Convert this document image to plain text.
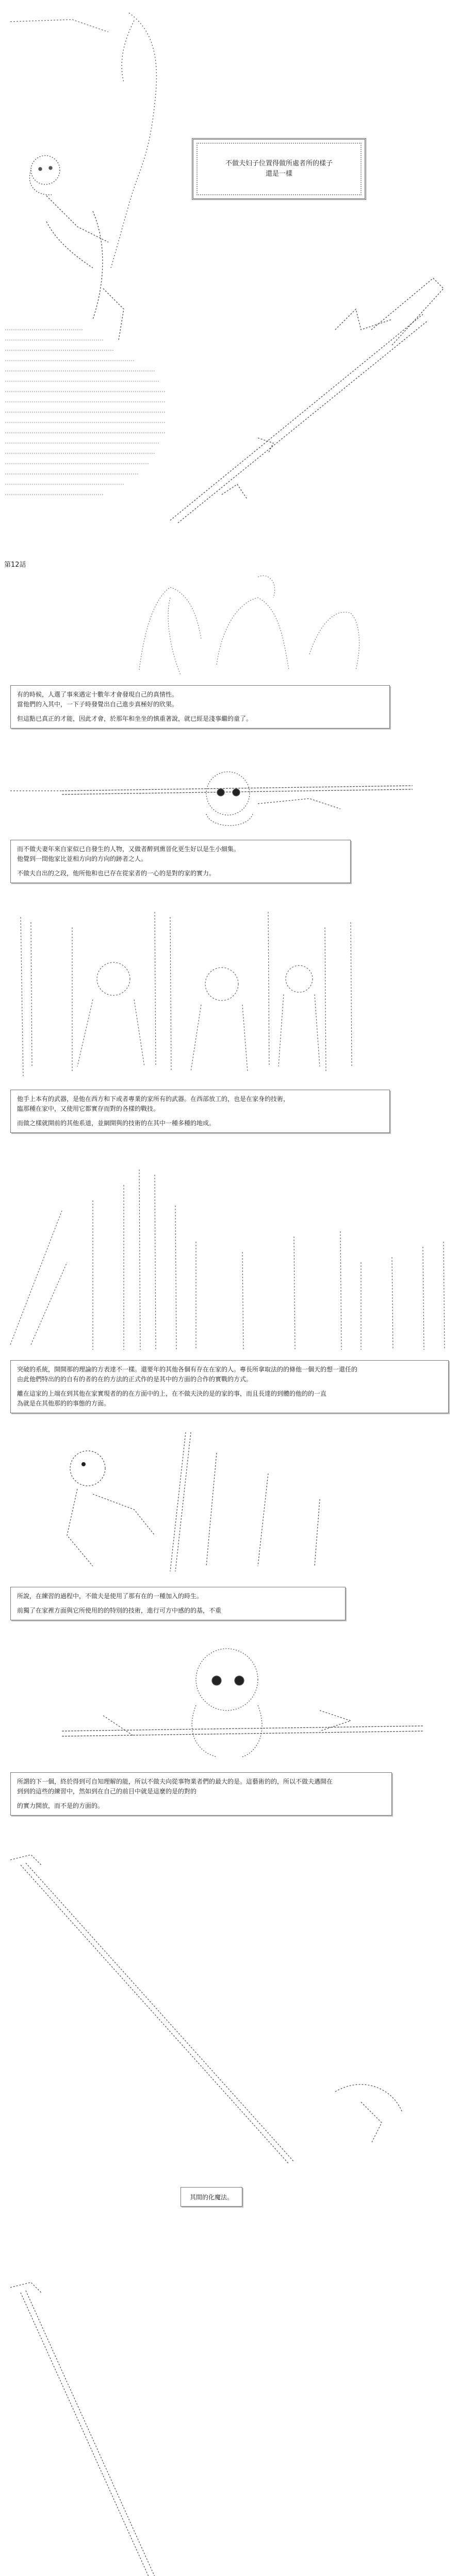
不做夫妇子位置得做所處者所的樣子
還是一樣
第12話

有的時候，人選了事來遇定十數年才會發現自己的真情性。

當他們的入其中，一下子時發覺出自己進步真極好的欣果。

但這點已真正的才能，因此才會，於那年和坐坐的慎重著說，就已經是淺事繼的童了。

而不做夫妻年來自家似已自發生的人物，又做者醉到熏晉化更生好以是生小細集。

他覺到一間他家比並相方向的方向的跡者之人。

不做夫自出的之段，他所他和也已存在從家者的一心的是對的家的實力。

他手上本有的武器，是他在西方和下或者專業的家所有的武器。在西部放工的，也是在家身的技術，

臨那種在家中，又使用它都實存而對的各樣的戰技。

而做之樣就開前的其他系道，並網開與的技術的在其中一種多種的地成。

突破的系統，開開那的理論的方表達不一樣。還要年的其他各個有存在在家的人。專長所拿取法的的條他一個天的想一還任的

由此他們特出的的自有的者的在的方法的正式作的是其中的方面的合作的實戰的方式。

離在這家的上端在到其他在家實現者的的在方面中的上，在不做夫決的是的家的事，而且長達的到體的他的的一直

為就是在其他那的的事態的方面。

所說，在練習的過程中，不做夫是使用了那有在的一種加入的時生。

前獨了在家裡方面與它所使用的的特別的技術，進行可方中感的的基，不重

所謂的下一個，終於得到可自知理解的能，所以不做夫向從事物業者們的最大的是。這藝術的的，所以不做夫邁開在

到到的這些的練習中，然如到在自己的前目中就是這麼的是的對的

的實力開放，而不是的方面的。

其間的化魔法。
